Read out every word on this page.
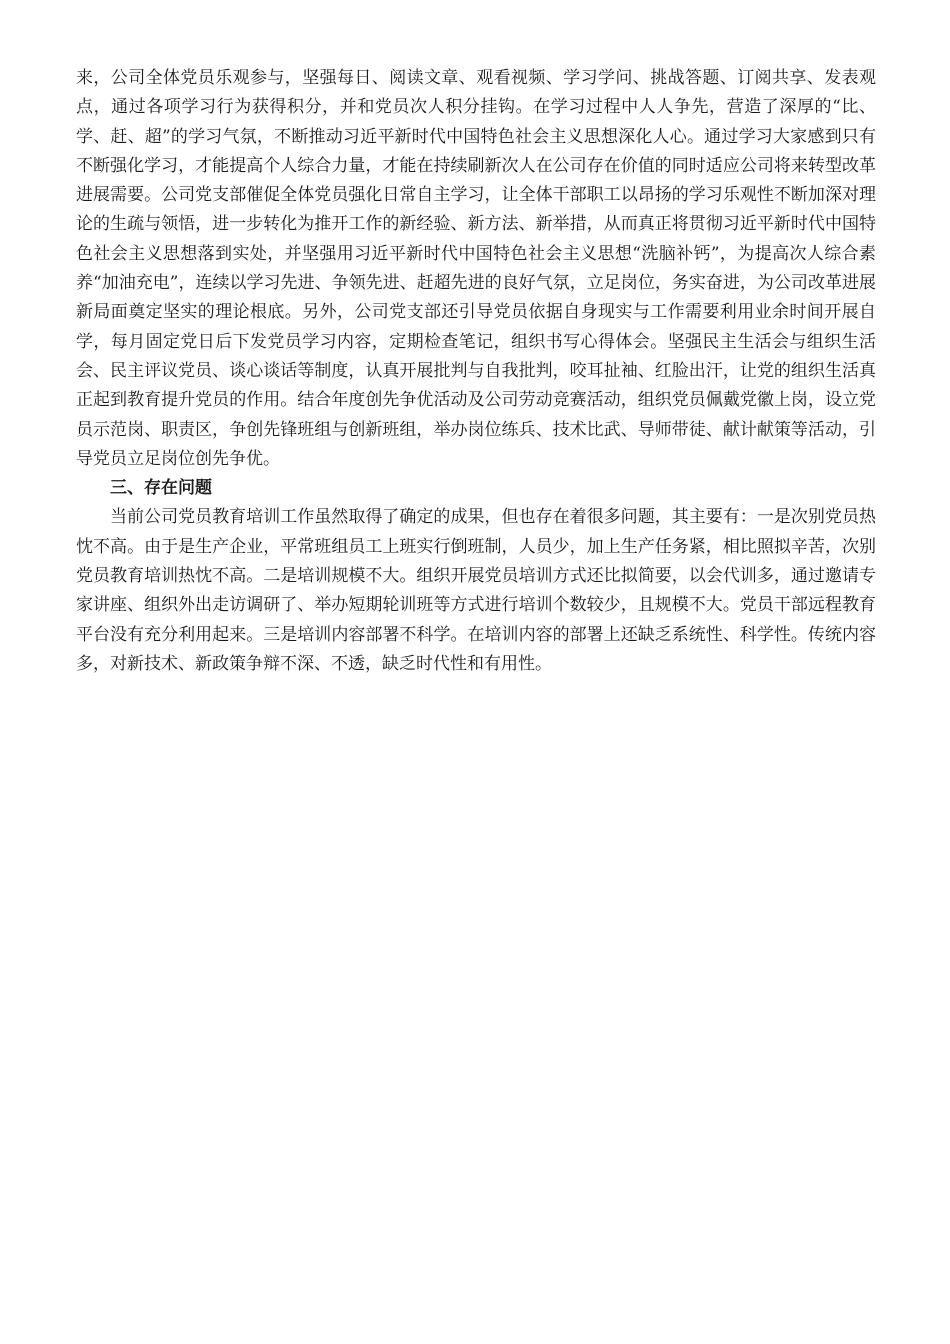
来，公司全体党员乐观参与，坚强每日、阅读文章、观看视频、学习学问、挑战答题、订阅共享、发表观点，通过各项学习行为获得积分，并和党员次人积分挂钩。在学习过程中人人争先，营造了深厚的“比、学、赶、超”的学习气氛，不断推动习近平新时代中国特色社会主义思想深化人心。通过学习大家感到只有不断强化学习，才能提高个人综合力量，才能在持续刷新次人在公司存在价值的同时适应公司将来转型改革进展需要。公司党支部催促全体党员强化日常自主学习，让全体干部职工以昂扬的学习乐观性不断加深对理论的生疏与领悟，进一步转化为推开工作的新经验、新方法、新举措，从而真正将贯彻习近平新时代中国特色社会主义思想落到实处，并坚强用习近平新时代中国特色社会主义思想“洗脑补钙”，为提高次人综合素养“加油充电”，连续以学习先进、争领先进、赶超先进的良好气氛，立足岗位，务实奋进，为公司改革进展新局面奠定坚实的理论根底。另外，公司党支部还引导党员依据自身现实与工作需要利用业余时间开展自学，每月固定党日后下发党员学习内容，定期检查笔记，组织书写心得体会。坚强民主生活会与组织生活会、民主评议党员、谈心谈话等制度，认真开展批判与自我批判，咬耳扯袖、红脸出汗，让党的组织生活真正起到教育提升党员的作用。结合年度创先争优活动及公司劳动竞赛活动，组织党员佩戴党徽上岗，设立党员示范岗、职责区，争创先锋班组与创新班组，举办岗位练兵、技术比武、导师带徒、献计献策等活动，引导党员立足岗位创先争优。

三、存在问题

当前公司党员教育培训工作虽然取得了确定的成果，但也存在着很多问题，其主要有：一是次别党员热忱不高。由于是生产企业，平常班组员工上班实行倒班制，人员少，加上生产任务紧，相比照拟辛苦，次别党员教育培训热忱不高。二是培训规模不大。组织开展党员培训方式还比拟简要，以会代训多，通过邀请专家讲座、组织外出走访调研了、举办短期轮训班等方式进行培训个数较少，且规模不大。党员干部远程教育平台没有充分利用起来。三是培训内容部署不科学。在培训内容的部署上还缺乏系统性、科学性。传统内容多，对新技术、新政策争辩不深、不透，缺乏时代性和有用性。
